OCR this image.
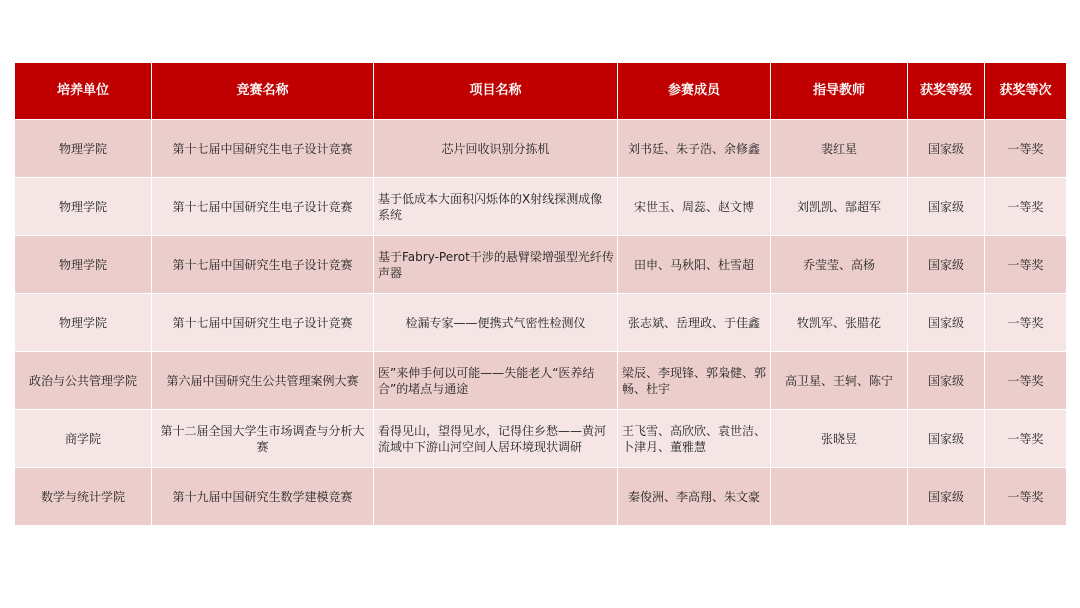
培养单位	竞赛名称	项目名称	参赛成员	指导教师	获奖等级	获奖等次
物理学院	第十七届中国研究生电子设计竞赛	芯片回收识别分拣机	刘书廷、朱子浩、余修鑫	裴红星	国家级	一等奖
物理学院	第十七届中国研究生电子设计竞赛	基于低成本大面积闪烁体的X射线探测成像系统	宋世玉、周蕊、赵文博	刘凯凯、郜超军	国家级	一等奖
物理学院	第十七届中国研究生电子设计竞赛	基于Fabry-Perot干涉的悬臂梁增强型光纤传声器	田申、马秋阳、杜雪超	乔莹莹、高杨	国家级	一等奖
物理学院	第十七届中国研究生电子设计竞赛	检漏专家——便携式气密性检测仪	张志斌、岳理政、于佳鑫	牧凯军、张腊花	国家级	一等奖
政治与公共管理学院	第六届中国研究生公共管理案例大赛	医”来伸手何以可能——失能老人“医养结合”的堵点与通途	梁辰、李现锋、郭枭健、郭畅、杜宇	高卫星、王轲、陈宁	国家级	一等奖
商学院	第十二届全国大学生市场调查与分析大赛	看得见山，望得见水，记得住乡愁——黄河流域中下游山河空间人居环境现状调研	王飞雪、高欣欣、袁世洁、卜津月、董雅慧	张晓昱	国家级	一等奖
数学与统计学院	第十九届中国研究生数学建模竞赛		秦俊洲、李高翔、朱文豪		国家级	一等奖
